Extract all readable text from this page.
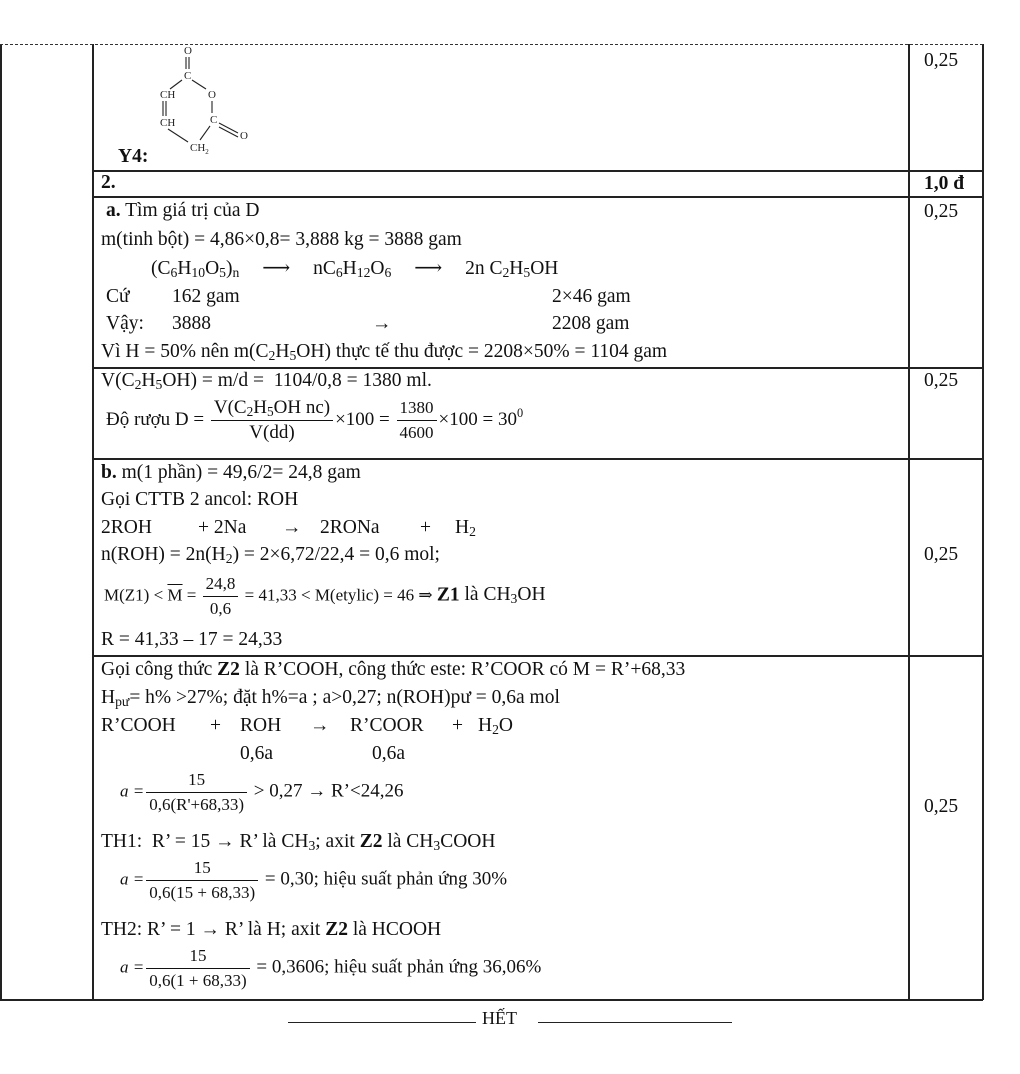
Y4:
O
C
CH	O
CH	C
O
$CH_2$
0,25
2.	1,0 đ
a. Tìm giá trị của D	0,25
m(tinh bột) = 4,86×0,8= 3,888 kg = 3888 gam
$(C_6H_{10}O_5)_n$ ⟶ $nC_6H_{12}O_6$ ⟶ 2n $C_2H_5OH$
Cứ 162 gam	2×46 gam
Vậy: 3888	→	2208 gam
Vì H = 50% nên $m(C_2H_5OH)$ thực tế thu được = 2208×50% = 1104 gam
$V(C_2H_5OH) = m/d = 1104/0,8 = 1380$ ml.	0,25
Độ rượu $D = \frac{V(C_2H_5OH nc)}{V(dd)} \times 100 = \frac{1380}{4600} \times 100 = 30^0$
b. m(1 phần) = 49,6/2= 24,8 gam
Gọi CTTB 2 ancol: ROH
2ROH + 2Na → 2RONa + $H_2$
$n(ROH) = 2n(H_2) = 2\times 6,72/22,4 = 0,6$ mol;	0,25
$M(Z1) < \overline{M} = \frac{24,8}{0,6} = 41,33$ < M(etylic) = 46 ⇒ Z1 là $CH_3OH$
R = 41,33 – 17 = 24,33
Gọi công thức Z2 là R’COOH, công thức este: R’COOR có M = R’+68,33
$H_{pư}= h\% >27\%$; đặt h%=a ; a>0,27; n(ROH)pư = 0,6a mol
R’COOH + ROH → R’COOR + $H_2O$
0,6a	0,6a
$a = \frac{15}{0,6(R'+68,33)} > 0,27$ → R’<24,26
0,25
TH1:  R’ = 15 → R’ là $CH_3$; axit Z2 là $CH_3COOH$
$a = \frac{15}{0,6(15 + 68,33)} = 0,30$; hiệu suất phản ứng 30%
TH2: R’ = 1 → R’ là H; axit Z2 là HCOOH
$a = \frac{15}{0,6(1 + 68,33)} = 0,3606$; hiệu suất phản ứng 36,06%
HẾT
